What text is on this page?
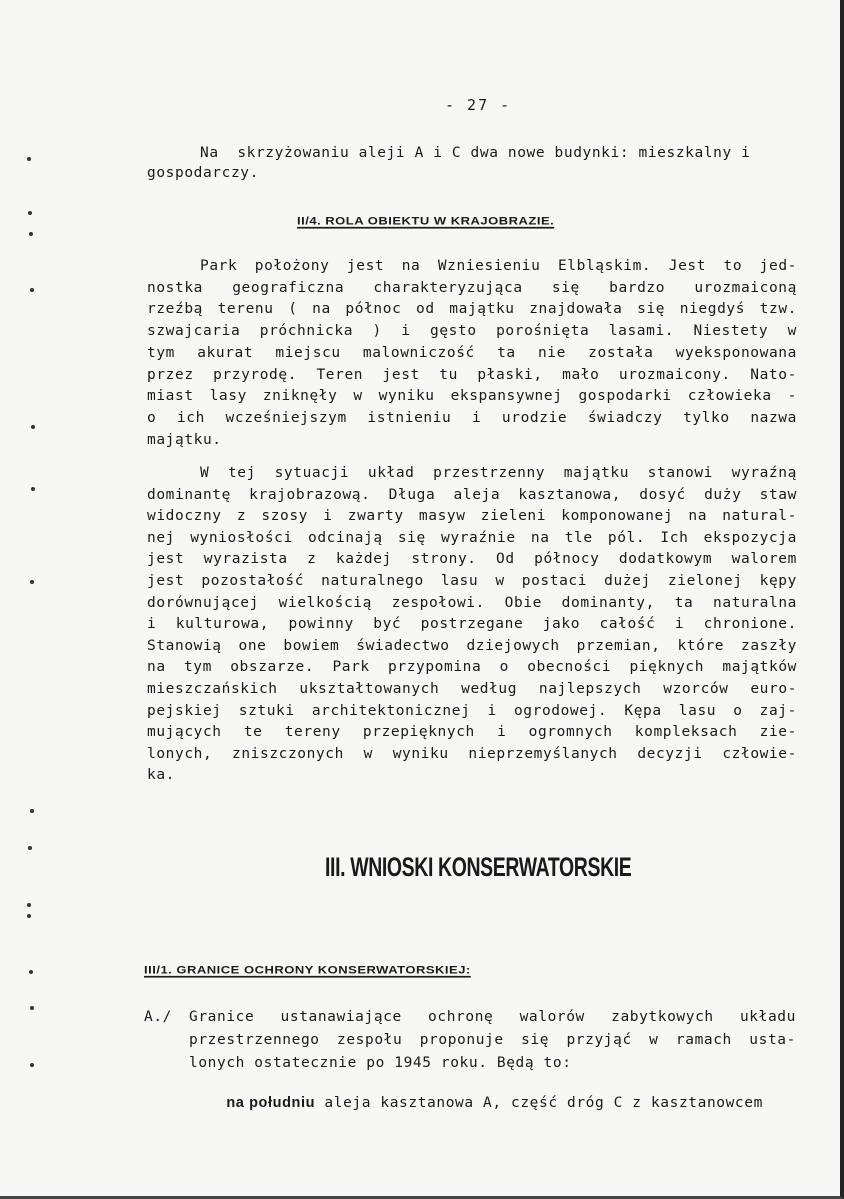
- 27 -
Na  skrzyżowaniu aleji A i C dwa nowe budynki: mieszkalny i
gospodarczy.
II/4. ROLA OBIEKTU W KRAJOBRAZIE.
Park położony jest na Wzniesieniu Elbląskim. Jest to jed-
nostka geograficzna charakteryzująca się bardzo urozmaiconą
rzeźbą terenu ( na północ od majątku znajdowała się niegdyś tzw.
szwajcaria próchnicka ) i gęsto porośnięta lasami. Niestety w
tym akurat miejscu malowniczość ta nie została wyeksponowana
przez przyrodę. Teren jest tu płaski, mało urozmaicony. Nato-
miast lasy zniknęły w wyniku ekspansywnej gospodarki człowieka -
o ich wcześniejszym istnieniu i urodzie świadczy tylko nazwa
majątku.
W tej sytuacji układ przestrzenny majątku stanowi wyraźną
dominantę krajobrazową. Długa aleja kasztanowa, dosyć duży staw
widoczny z szosy i zwarty masyw zieleni komponowanej na natural-
nej wyniosłości odcinają się wyraźnie na tle pól. Ich ekspozycja
jest wyrazista z każdej strony. Od północy dodatkowym walorem
jest pozostałość naturalnego lasu w postaci dużej zielonej kępy
dorównującej wielkością zespołowi. Obie dominanty, ta naturalna
i kulturowa, powinny być postrzegane jako całość i chronione.
Stanowią one bowiem świadectwo dziejowych przemian, które zaszły
na tym obszarze. Park przypomina o obecności pięknych majątków
mieszczańskich ukształtowanych według najlepszych wzorców euro-
pejskiej sztuki architektonicznej i ogrodowej. Kępa lasu o zaj-
mujących te tereny przepięknych i ogromnych kompleksach zie-
lonych, zniszczonych w wyniku nieprzemyślanych decyzji człowie-
ka.
III. WNIOSKI KONSERWATORSKIE
III/1. GRANICE OCHRONY KONSERWATORSKIEJ:
A./ Granice ustanawiające ochronę walorów zabytkowych układu
przestrzennego zespołu proponuje się przyjąć w ramach usta-
lonych ostatecznie po 1945 roku. Będą to:

na południu aleja kasztanowa A, część dróg C z kasztanowcem
